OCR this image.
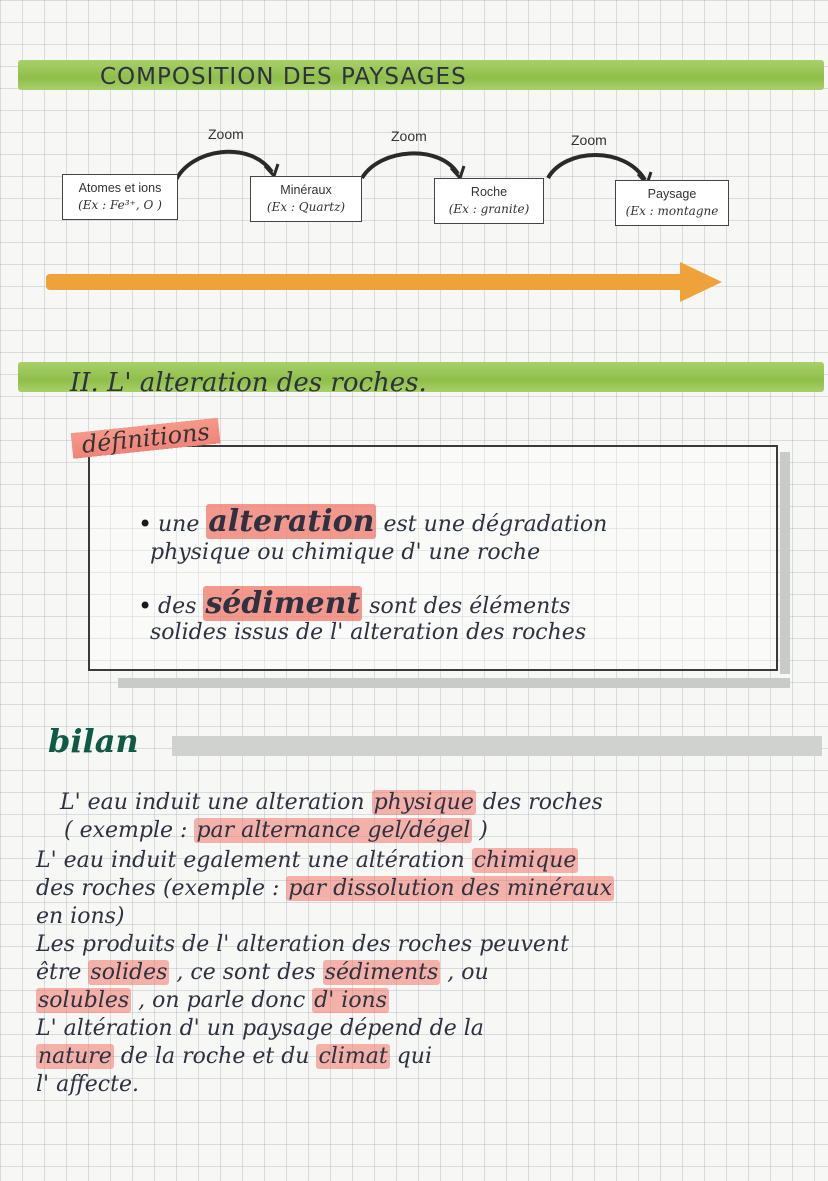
COMPOSITION DES PAYSAGES
Zoom	Zoom	Zoom
Atomes et ions
(Ex : Fe³⁺, O )
Minéraux
(Ex : Quartz)
Roche
(Ex : granite)
Paysage
(Ex : montagne
II. L' alteration des roches.
définitions
• une alteration est une dégradation
physique ou chimique d' une roche
• des sédiment sont des éléments
solides issus de l' alteration des roches
bilan
L' eau induit une alteration physique des roches
( exemple : par alternance gel/dégel )
L' eau induit egalement une altération chimique
des roches (exemple : par dissolution des minéraux
en ions)
Les produits de l' alteration des roches peuvent
être solides , ce sont des sédiments , ou
solubles , on parle donc d' ions
L' altération d' un paysage dépend de la
nature de la roche et du climat qui
l' affecte.
